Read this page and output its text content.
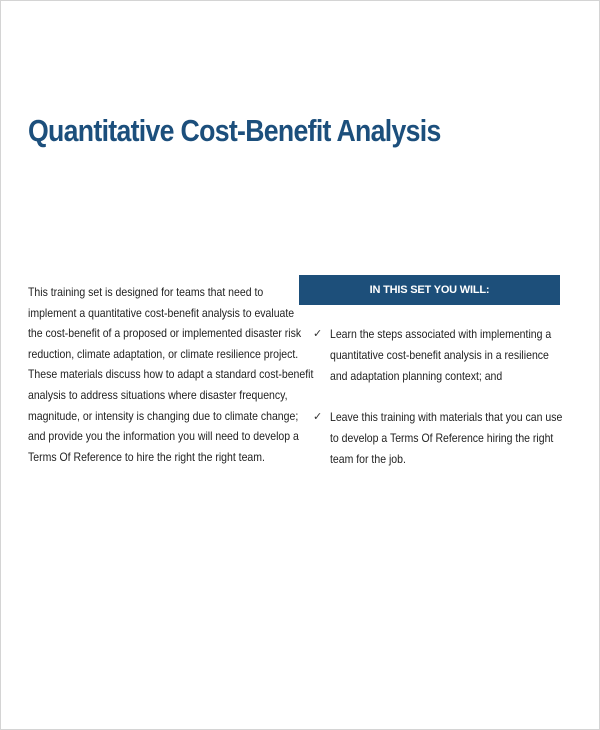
Quantitative Cost-Benefit Analysis

This training set is designed for teams that need to
implement a quantitative cost-benefit analysis to evaluate
the cost-benefit of a proposed or implemented disaster risk
reduction, climate adaptation, or climate resilience project.
These materials discuss how to adapt a standard cost-benefit
analysis to address situations where disaster frequency,
magnitude, or intensity is changing due to climate change;
and provide you the information you will need to develop a
Terms Of Reference to hire the right the right team.

IN THIS SET YOU WILL:
✓ Learn the steps associated with implementing a
quantitative cost-benefit analysis in a resilience
and adaptation planning context; and
✓ Leave this training with materials that you can use
to develop a Terms Of Reference hiring the right
team for the job.
